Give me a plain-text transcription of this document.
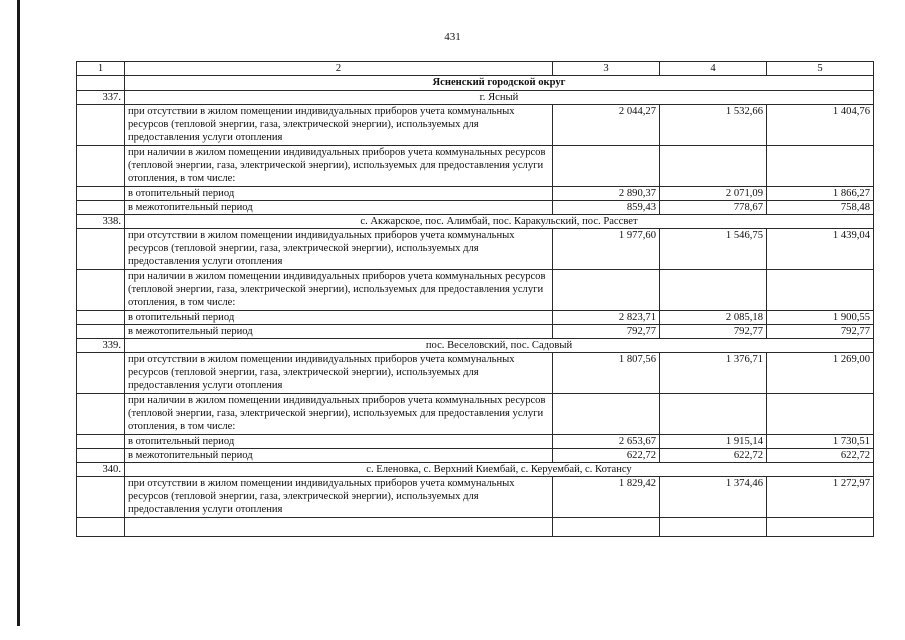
431
1	2	3	4	5
	Ясненский городской округ			
337.	г. Ясный			
	при отсутствии в жилом помещении индивидуальных приборов учета коммунальных ресурсов (тепловой энергии, газа, электрической энергии), используемых для предоставления услуги отопления	2 044,27	1 532,66	1 404,76
	при наличии в жилом помещении индивидуальных приборов учета коммунальных ресурсов (тепловой энергии, газа, электрической энергии), используемых для предоставления услуги отопления, в том числе:			
	в отопительный период	2 890,37	2 071,09	1 866,27
	в межотопительный период	859,43	778,67	758,48
338.	с. Акжарское, пос. Алимбай, пос. Каракульский, пос. Рассвет			
	при отсутствии в жилом помещении индивидуальных приборов учета коммунальных ресурсов (тепловой энергии, газа, электрической энергии), используемых для предоставления услуги отопления	1 977,60	1 546,75	1 439,04
	при наличии в жилом помещении индивидуальных приборов учета коммунальных ресурсов (тепловой энергии, газа, электрической энергии), используемых для предоставления услуги отопления, в том числе:			
	в отопительный период	2 823,71	2 085,18	1 900,55
	в межотопительный период	792,77	792,77	792,77
339.	пос. Веселовский, пос. Садовый			
	при отсутствии в жилом помещении индивидуальных приборов учета коммунальных ресурсов (тепловой энергии, газа, электрической энергии), используемых для предоставления услуги отопления	1 807,56	1 376,71	1 269,00
	при наличии в жилом помещении индивидуальных приборов учета коммунальных ресурсов (тепловой энергии, газа, электрической энергии), используемых для предоставления услуги отопления, в том числе:			
	в отопительный период	2 653,67	1 915,14	1 730,51
	в межотопительный период	622,72	622,72	622,72
340.	с. Еленовка, с. Верхний Киембай, с. Керуембай, с. Котансу			
	при отсутствии в жилом помещении индивидуальных приборов учета коммунальных ресурсов (тепловой энергии, газа, электрической энергии), используемых для предоставления услуги отопления	1 829,42	1 374,46	1 272,97
